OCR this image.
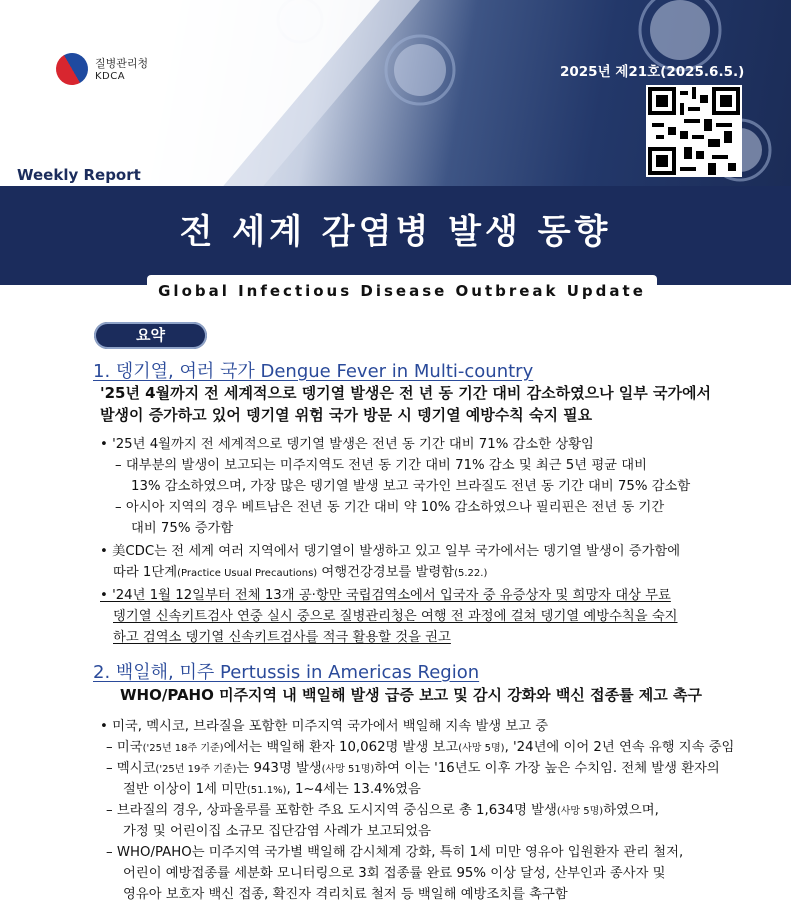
질병관리청
KDCA
Weekly Report
2025년 제21호(2025.6.5.)
전 세계 감염병 발생 동향
Global Infectious Disease Outbreak Update
요약
1. 뎅기열, 여러 국가 Dengue Fever in Multi-country
'25년 4월까지 전 세계적으로 뎅기열 발생은 전 년 동 기간 대비 감소하였으나 일부 국가에서
발생이 증가하고 있어 뎅기열 위험 국가 방문 시 뎅기열 예방수칙 숙지 필요
• '25년 4월까지 전 세계적으로 뎅기열 발생은 전년 동 기간 대비 71% 감소한 상황임
– 대부분의 발생이 보고되는 미주지역도 전년 동 기간 대비 71% 감소 및 최근 5년 평균 대비
13% 감소하였으며, 가장 많은 뎅기열 발생 보고 국가인 브라질도 전년 동 기간 대비 75% 감소함
– 아시아 지역의 경우 베트남은 전년 동 기간 대비 약 10% 감소하였으나 필리핀은 전년 동 기간
대비 75% 증가함
• 美CDC는 전 세계 여러 지역에서 뎅기열이 발생하고 있고 일부 국가에서는 뎅기열 발생이 증가함에
따라 1단계(Practice Usual Precautions) 여행건강경보를 발령함(5.22.)
• '24년 1월 12일부터 전체 13개 공·항만 국립검역소에서 입국자 중 유증상자 및 희망자 대상 무료
뎅기열 신속키트검사 연중 실시 중으로 질병관리청은 여행 전 과정에 걸쳐 뎅기열 예방수칙을 숙지
하고 검역소 뎅기열 신속키트검사를 적극 활용할 것을 권고
2. 백일해, 미주 Pertussis in Americas Region
WHO/PAHO 미주지역 내 백일해 발생 급증 보고 및 감시 강화와 백신 접종률 제고 촉구
• 미국, 멕시코, 브라질을 포함한 미주지역 국가에서 백일해 지속 발생 보고 중
– 미국('25년 18주 기준)에서는 백일해 환자 10,062명 발생 보고(사망 5명), '24년에 이어 2년 연속 유행 지속 중임
– 멕시코('25년 19주 기준)는 943명 발생(사망 51명)하여 이는 '16년도 이후 가장 높은 수치임. 전체 발생 환자의
절반 이상이 1세 미만(51.1%), 1~4세는 13.4%였음
– 브라질의 경우, 상파울루를 포함한 주요 도시지역 중심으로 총 1,634명 발생(사망 5명)하였으며,
가정 및 어린이집 소규모 집단감염 사례가 보고되었음
– WHO/PAHO는 미주지역 국가별 백일해 감시체계 강화, 특히 1세 미만 영유아 입원환자 관리 철저,
어린이 예방접종률 세분화 모니터링으로 3회 접종률 완료 95% 이상 달성, 산부인과 종사자 및
영유아 보호자 백신 접종, 확진자 격리치료 철저 등 백일해 예방조치를 촉구함
